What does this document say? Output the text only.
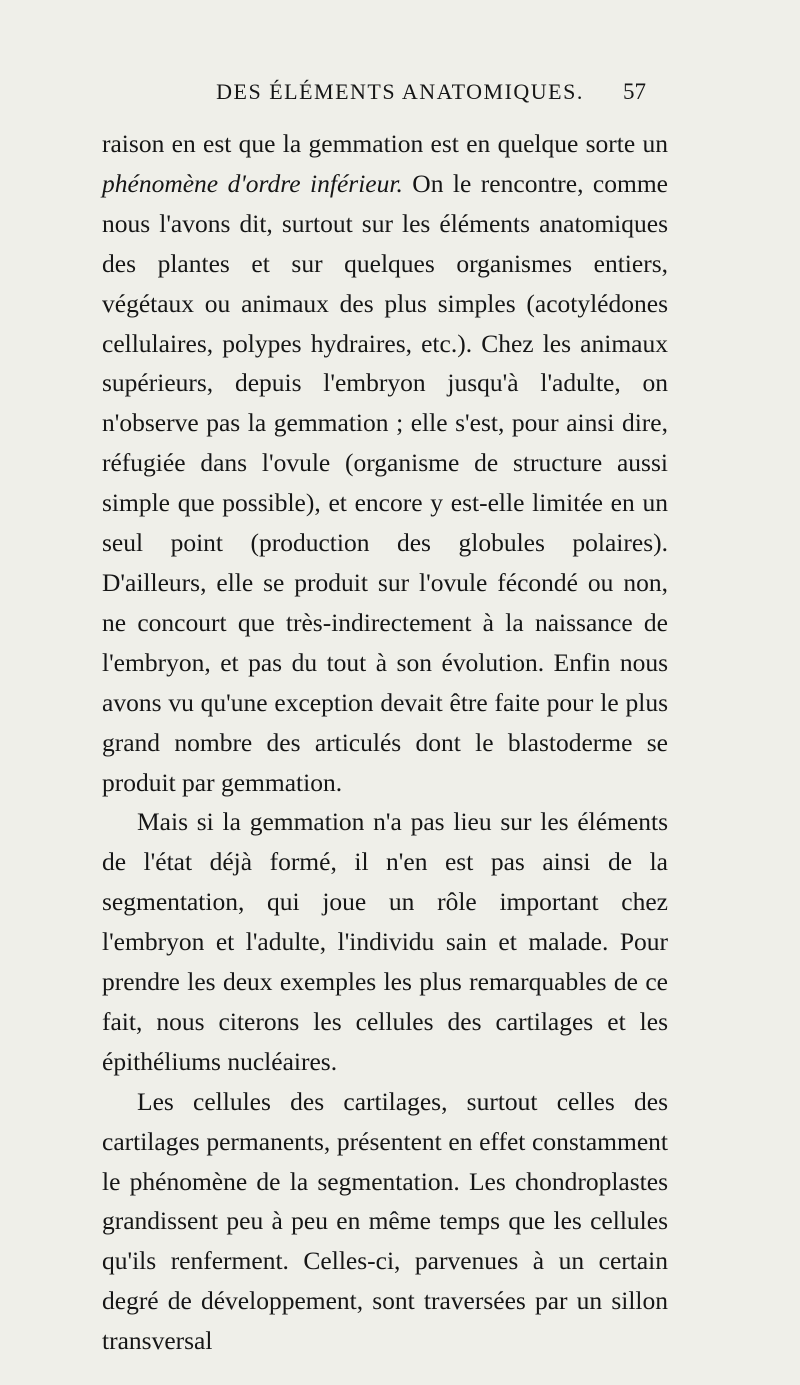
DES ÉLÉMENTS ANATOMIQUES.	57

raison en est que la gemmation est en quelque sorte un phénomène d'ordre inférieur. On le rencontre, comme nous l'avons dit, surtout sur les éléments anatomiques des plantes et sur quelques organismes entiers, végétaux ou animaux des plus simples (acotylédones cellulaires, polypes hydraires, etc.). Chez les animaux supérieurs, depuis l'embryon jusqu'à l'adulte, on n'observe pas la gemmation ; elle s'est, pour ainsi dire, réfugiée dans l'ovule (organisme de structure aussi simple que possible), et encore y est-elle limitée en un seul point (production des globules polaires). D'ailleurs, elle se produit sur l'ovule fécondé ou non, ne concourt que très-indirectement à la naissance de l'embryon, et pas du tout à son évolution. Enfin nous avons vu qu'une exception devait être faite pour le plus grand nombre des articulés dont le blastoderme se produit par gemmation.

Mais si la gemmation n'a pas lieu sur les éléments de l'état déjà formé, il n'en est pas ainsi de la segmentation, qui joue un rôle important chez l'embryon et l'adulte, l'individu sain et malade. Pour prendre les deux exemples les plus remarquables de ce fait, nous citerons les cellules des cartilages et les épithéliums nucléaires.

Les cellules des cartilages, surtout celles des cartilages permanents, présentent en effet constamment le phénomène de la segmentation. Les chondroplastes grandissent peu à peu en même temps que les cellules qu'ils renferment. Celles-ci, parvenues à un certain degré de développement, sont traversées par un sillon transversal
